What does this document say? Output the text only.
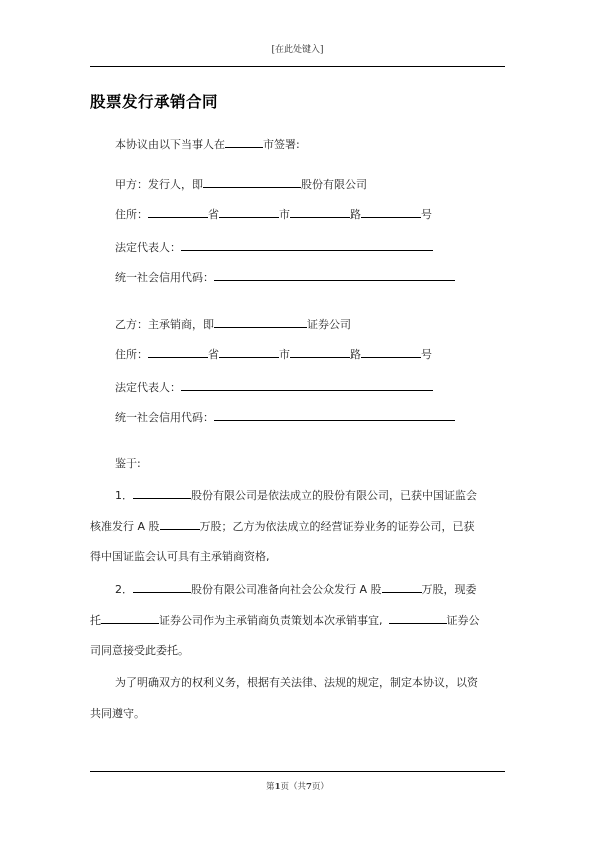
[在此处键入]
股票发行承销合同
本协议由以下当事人在	市签署:
甲方：发行人，即	股份有限公司
住所：	省	市	路	号
法定代表人：
统一社会信用代码：
乙方：主承销商，即	证券公司
住所：	省	市	路	号
法定代表人：
统一社会信用代码：
鉴于:
1．	股份有限公司是依法成立的股份有限公司，已获中国证监会
核准发行 A 股	万股；乙方为依法成立的经营证券业务的证券公司，已获
得中国证监会认可具有主承销商资格,
2．	股份有限公司准备向社会公众发行 A 股	万股，现委
托	证券公司作为主承销商负责策划本次承销事宜,	证券公
司同意接受此委托。
为了明确双方的权利义务，根据有关法律、法规的规定，制定本协议，以资
共同遵守。
第1页（共7页）
